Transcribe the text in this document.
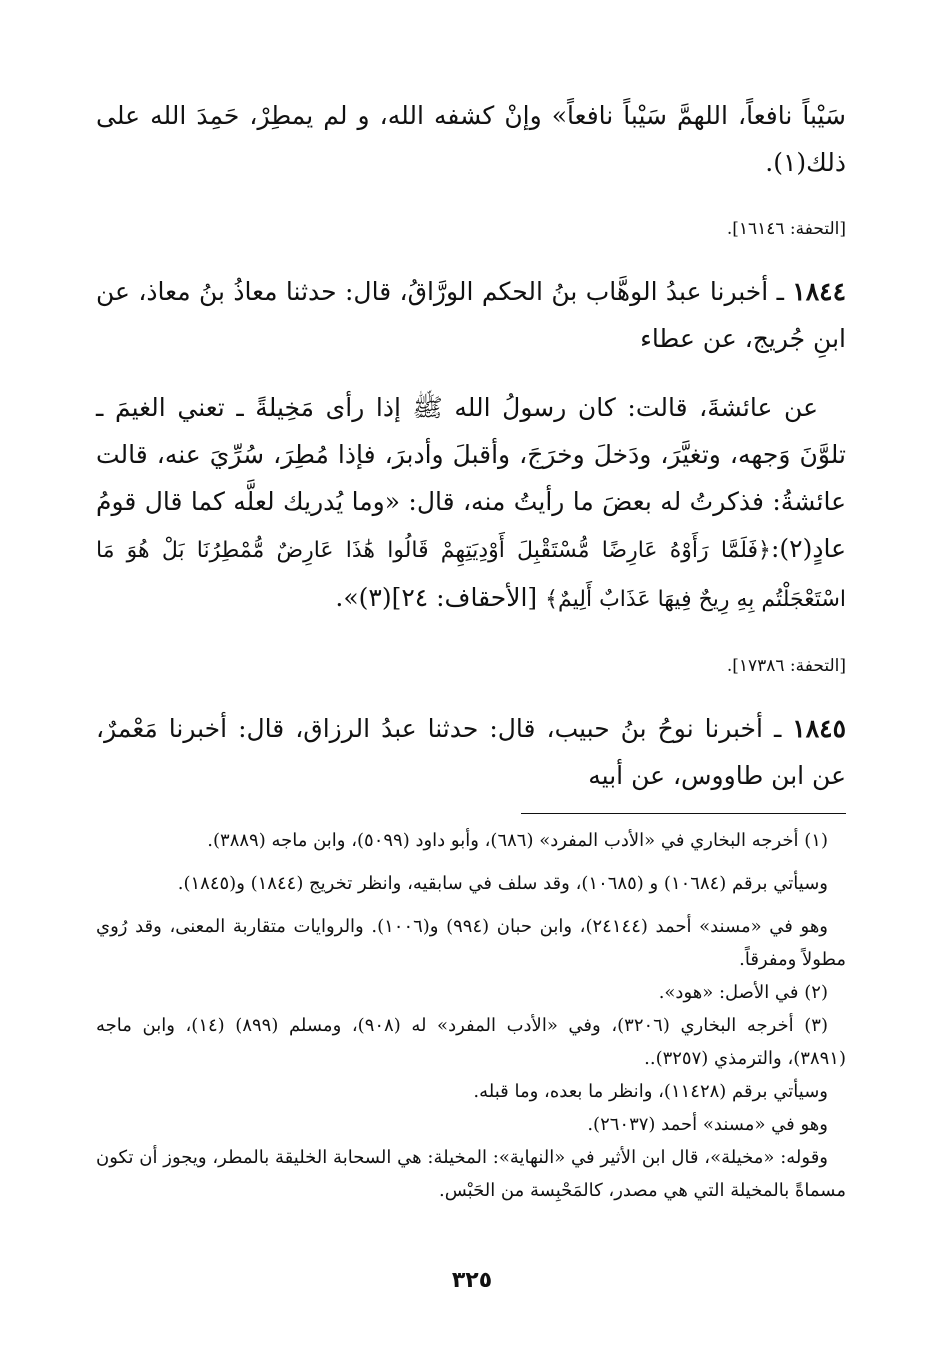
سَيْباً نافعاً، اللهمَّ سَيْباً نافعاً» وإنْ كشفه الله، و لم يمطِرْ، حَمِدَ الله على ذلك(١).

[التحفة: ١٦١٤٦].

١٨٤٤ ـ أخبرنا عبدُ الوهَّاب بنُ الحكم الورَّاقُ، قال: حدثنا معاذُ بنُ معاذ، عن ابنِ جُريج، عن عطاء

عن عائشةَ، قالت: كان رسولُ الله ﷺ إذا رأى مَخِيلةً ـ تعني الغيمَ ـ تلوَّنَ وَجهه، وتغيَّرَ، ودَخلَ وخرَجَ، وأقبلَ وأدبرَ، فإذا مُطِرَ، سُرِّيَ عنه، قالت عائشةُ: فذكرتُ له بعضَ ما رأيتُ منه، قال: «وما يُدريك لعلَّه كما قال قومُ عادٍ(٢):﴿فَلَمَّا رَأَوْهُ عَارِضًا مُّسْتَقْبِلَ أَوْدِيَتِهِمْ قَالُوا هَٰذَا عَارِضٌ مُّمْطِرُنَا بَلْ هُوَ مَا اسْتَعْجَلْتُم بِهِ رِيحٌ فِيهَا عَذَابٌ أَلِيمٌ﴾ [الأحقاف: ٢٤](٣)».

[التحفة: ١٧٣٨٦].

١٨٤٥ ـ أخبرنا نوحُ بنُ حبيب، قال: حدثنا عبدُ الرزاق، قال: أخبرنا مَعْمرٌ، عن ابن طاووس، عن أبيه

(١) أخرجه البخاري في «الأدب المفرد» (٦٨٦)، وأبو داود (٥٠٩٩)، وابن ماجه (٣٨٨٩).

وسيأتي برقم (١٠٦٨٤) و (١٠٦٨٥)، وقد سلف في سابقيه، وانظر تخريج (١٨٤٤) و(١٨٤٥).

وهو في «مسند» أحمد (٢٤١٤٤)، وابن حبان (٩٩٤) و(١٠٠٦). والروايات متقاربة المعنى، وقد رُوي مطولاً ومفرقاً.

(٢) في الأصل: «هود».

(٣) أخرجه البخاري (٣٢٠٦)، وفي «الأدب المفرد» له (٩٠٨)، ومسلم (٨٩٩) (١٤)، وابن ماجه (٣٨٩١)، والترمذي (٣٢٥٧)..

وسيأتي برقم (١١٤٢٨)، وانظر ما بعده، وما قبله.

وهو في «مسند» أحمد (٢٦٠٣٧).

وقوله: «مخيلة»، قال ابن الأثير في «النهاية»: المخيلة: هي السحابة الخليقة بالمطر، ويجوز أن تكون مسماةً بالمخيلة التي هي مصدر، كالمَحْبِسة من الحَبْس.

٣٢٥
